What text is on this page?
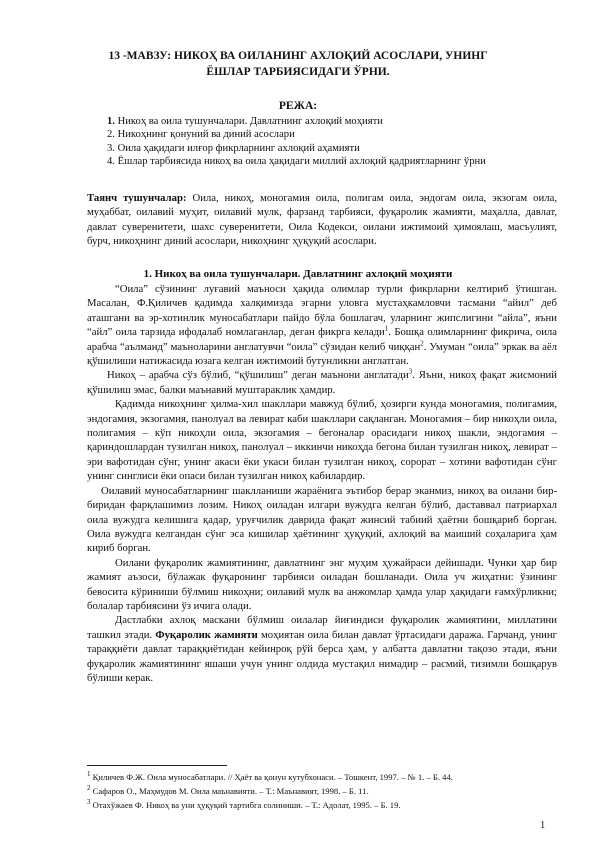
13 -МАВЗУ: НИКОҲ ВА ОИЛАНИНГ АХЛОҚИЙ АСОСЛАРИ, УНИНГ ЁШЛАР ТАРБИЯСИДАГИ ЎРНИ.
РЕЖА:
1. Никоҳ ва оила тушунчалари. Давлатнинг ахлоқий моҳияти
2. Никоҳнинг қонуний ва диний асослари
3. Оила ҳақидаги илғор фикрларнинг ахлоқий аҳамияти
4. Ёшлар тарбиясида никоҳ ва оила ҳақидаги миллий ахлоқий қадриятларнинг ўрни

Таянч тушунчалар: Оила, никоҳ, моногамия оила, полигам оила, эндогам оила, экзогам оила, муҳаббат, оилавий муҳит, оилавий мулк, фарзанд тарбияси, фуқаролик жамияти, маҳалла, давлат, давлат суверенитети, шахс суверенитети, Оила Кодекси, оилани ижтимоий ҳимоялаш, масъулият, бурч, никоҳнинг диний асослари, никоҳнинг ҳуқуқий асослари.

1. Никоҳ ва оила тушунчалари. Давлатнинг ахлоқий моҳияти

“Оила” сўзининг луғавий маъноси ҳақида олимлар турли фикрларни келтириб ўтишган. Масалан, Ф.Қиличев қадимда халқимизда эгарни уловга мустаҳкамловчи тасмани “айил” деб аташгани ва эр-хотинлик муносабатлари пайдо бўла бошлагач, уларнинг жипслигини “айла”, яъни “айл” оила тарзида ифодалаб номлаганлар, деган фикрга келади$^1$. Бошқа олимларнинг фикрича, оила арабча “аълманд” маъноларини англатувчи “оила” сўзидан келиб чиққан$^2$. Умуман “оила” эркак ва аёл қўшилиши натижасида юзага келган ижтимоий бутунликни англатган.

Никоҳ – арабча сўз бўлиб, “қўшилиш” деган маънони англатади$^3$. Яъни, никоҳ фақат жисмоний қўшилиш эмас, балки маънавий муштараклик ҳамдир.

Қадимда никоҳнинг ҳилма-хил шакллари мавжуд бўлиб, ҳозирги кунда моногамия, полигамия, эндогамия, экзогамия, панолуал ва левират каби шакллари сақланган. Моногамия – бир никоҳли оила, полигамия – кўп никоҳли оила, экзогамия – бегоналар орасидаги никоҳ шакли, эндогамия – қариндошлардан тузилган никоҳ, панолуал – иккинчи никоҳда бегона билан тузилган никоҳ, левират – эри вафотидан сўнг, унинг акаси ёки укаси билан тузилган никоҳ, сорорат – хотини вафотидан сўнг унинг синглиси ёки опаси билан тузилган никоҳ кабилардир.

Оилавий муносабатларнинг шаклланиши жараёнига эътибор берар эканмиз, никоҳ ва оилани бир-биридан фарқлашимиз лозим. Никоҳ оиладан илгари вужудга келган бўлиб, даставвал патриархал оила вужудга келишига қадар, уруғчилик даврида фақат жинсий табиий ҳаётни бошқариб борган. Оила вужудга келгандан сўнг эса кишилар ҳаётининг ҳуқуқий, ахлоқий ва маиший соҳаларига ҳам кириб борган.

Оилани фуқаролик жамиятининг, давлатнинг энг муҳим ҳужайраси дейишади. Чунки ҳар бир жамият аъзоси, бўлажак фуқаронинг тарбияси оиладан бошланади. Оила уч жиҳатни: ўзининг бевосита кўриниши бўлмиш никоҳни; оилавий мулк ва анжомлар ҳамда улар ҳақидаги ғамхўрликни; болалар тарбиясини ўз ичига олади.

Дастлабки ахлоқ маскани бўлмиш оилалар йиғиндиси фуқаролик жамиятини, миллатини ташкил этади. Фуқаролик жамияти моҳиятан оила билан давлат ўртасидаги даража. Гарчанд, унинг тараққиёти давлат тараққиётидан кейинроқ рўй берса ҳам, у албатта давлатни тақозо этади, яъни фуқаролик жамиятининг яшаши учун унинг олдида мустақил нимадир – расмий, тизимли бошқарув бўлиши керак.

$^1$ Қиличев Ф.Ж. Оила муносабатлари. // Ҳаёт ва қонун кутубхонаси. – Тошкент, 1997. – № 1. – Б. 44.
$^2$ Сафаров О., Маҳмудов М. Оила маънавияти. – Т.: Маънавият, 1998. – Б. 11.
$^3$ Отахўжаев Ф. Никоҳ ва уни ҳуқуқий тартибга солиниши. – Т.: Адолат, 1995. – Б. 19.
1
